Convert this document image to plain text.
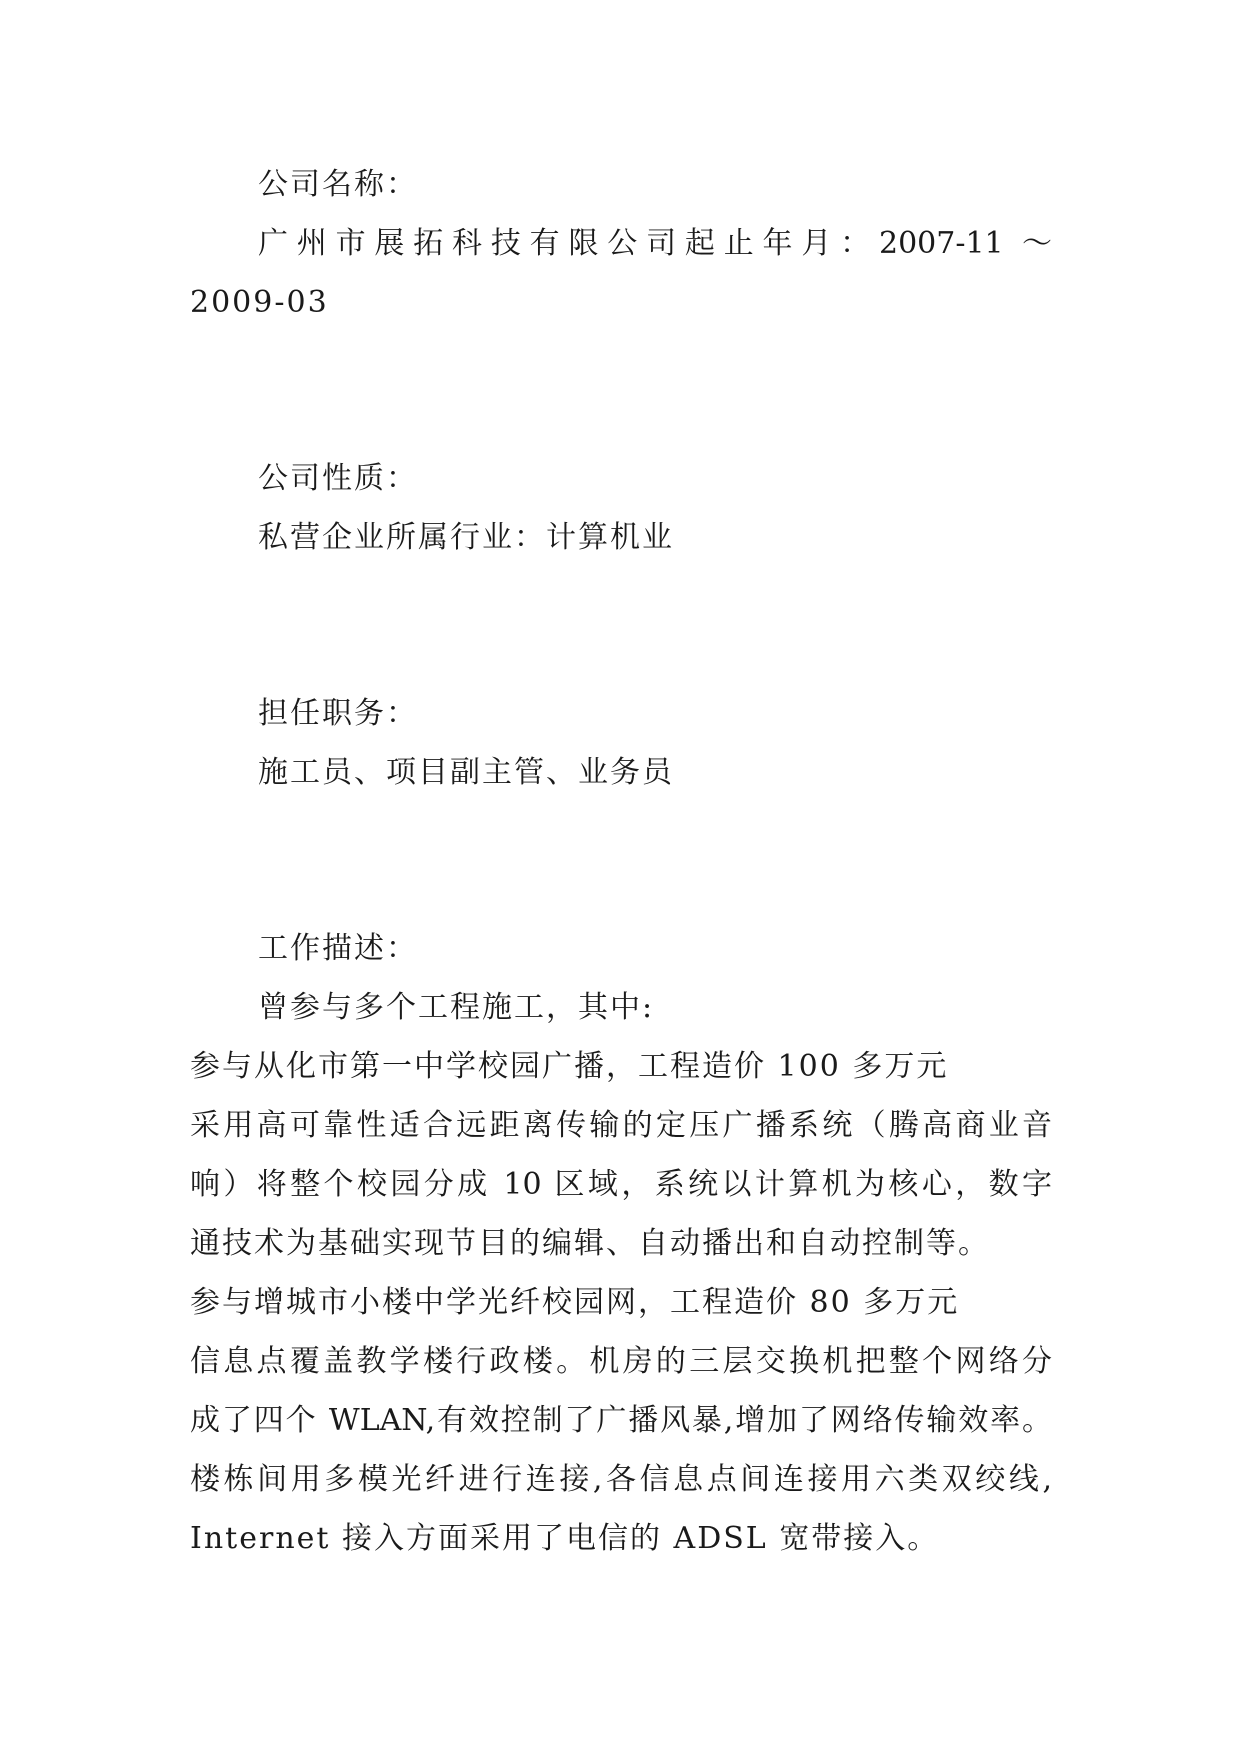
公司名称：
广州市展拓科技有限公司起止年月：2007-11 ～
2009-03
公司性质：
私营企业所属行业：计算机业
担任职务：
施工员、项目副主管、业务员
工作描述：
曾参与多个工程施工，其中:
参与从化市第一中学校园广播，工程造价 100 多万元
采用高可靠性适合远距离传输的定压广播系统（腾高商业音
响）将整个校园分成 10 区域，系统以计算机为核心，数字
通技术为基础实现节目的编辑、自动播出和自动控制等。
参与增城市小楼中学光纤校园网，工程造价 80 多万元
信息点覆盖教学楼行政楼。机房的三层交换机把整个网络分
成了四个 WLAN,有效控制了广播风暴,增加了网络传输效率。
楼栋间用多模光纤进行连接,各信息点间连接用六类双绞线,
Internet 接入方面采用了电信的 ADSL 宽带接入。
